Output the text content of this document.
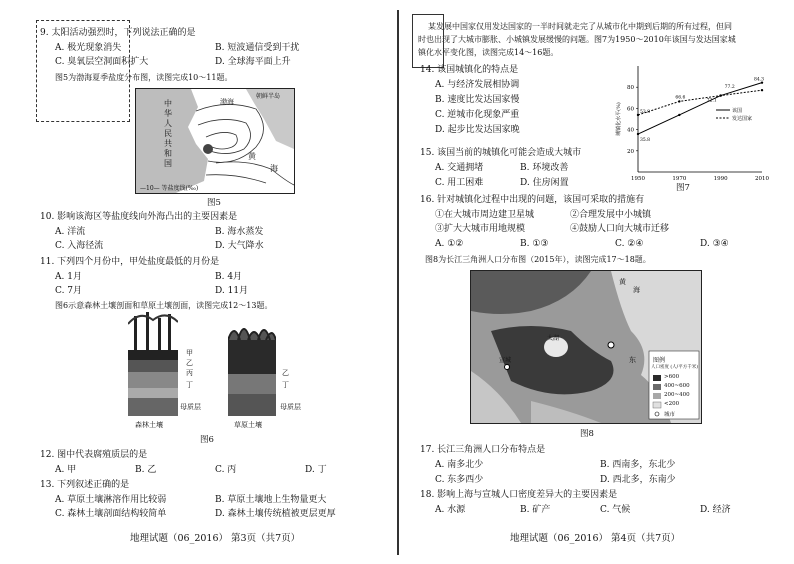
9. 太阳活动强烈时，下列说法正确的是
A. 极光现象消失	B. 短波通信受到干扰
C. 臭氧层空洞面积扩大	D. 全球海平面上升
图5为渤海夏季盐度分布图，读图完成10～11题。
中华人民共和国
渤海
黄
海
朝鲜半岛
—10— 等盐度线(‰)
图5
10. 影响该海区等盐度线向外海凸出的主要因素是
A. 洋流	B. 海水蒸发
C. 入海径流	D. 大气降水
11. 下列四个月份中，甲处盐度最低的月份是
A. 1月	B. 4月
C. 7月	D. 11月
图6示意森林土壤剖面和草原土壤剖面，读图完成12～13题。
甲
乙
丙
丁
母质层
森林土壤
乙
丁
母质层
草原土壤
图6
12. 图中代表腐殖质层的是
A. 甲	B. 乙	C. 丙	D. 丁
13. 下列叙述正确的是
A. 草原土壤淋溶作用比较弱	B. 草原土壤地上生物量更大
C. 森林土壤剖面结构较简单	D. 森林土壤传统植被更层更厚
地理试题（06_2016） 第3页（共7页）
某发展中国家仅用发达国家的一半时间就走完了从城市化中期到后期的所有过程，但同
时也出现了大城市膨胀、小城镇发展缓慢的问题。图7为1950～2010年该国与发达国家城
镇化水平变化图，读图完成14～16题。
14. 该国城镇化的特点是
A. 与经济发展相协调
B. 速度比发达国家慢
C. 逆城市化现象严重
D. 起步比发达国家晚
15. 该国当前的城镇化可能会造成大城市
A. 交通拥堵	B. 环境改善
C. 用工困难	D. 住房闲置
20
40
60
80
1950	1970	1990	2010
城镇化水平(%)
84.3
77.2
72.1
66.6
53.8
35.8
该国
发达国家
图7
16. 针对城镇化过程中出现的问题，该国可采取的措施有
①在大城市周边建卫星城	②合理发展中小城镇
③扩大大城市用地规模	④鼓励人口向大城市迁移
A. ①②	B. ①③	C. ②④	D. ③④
图8为长江三角洲人口分布图（2015年），读图完成17～18题。
黄
海
太湖
宣城	东	图例
人口密度 (人/平方千米)
>600
400~600
200~400
<200
城市
图8
17. 长江三角洲人口分布特点是
A. 南多北少	B. 西南多，东北少
C. 东多西少	D. 西北多，东南少
18. 影响上海与宣城人口密度差异大的主要因素是
A. 水源	B. 矿产	C. 气候	D. 经济
地理试题（06_2016） 第4页（共7页）
